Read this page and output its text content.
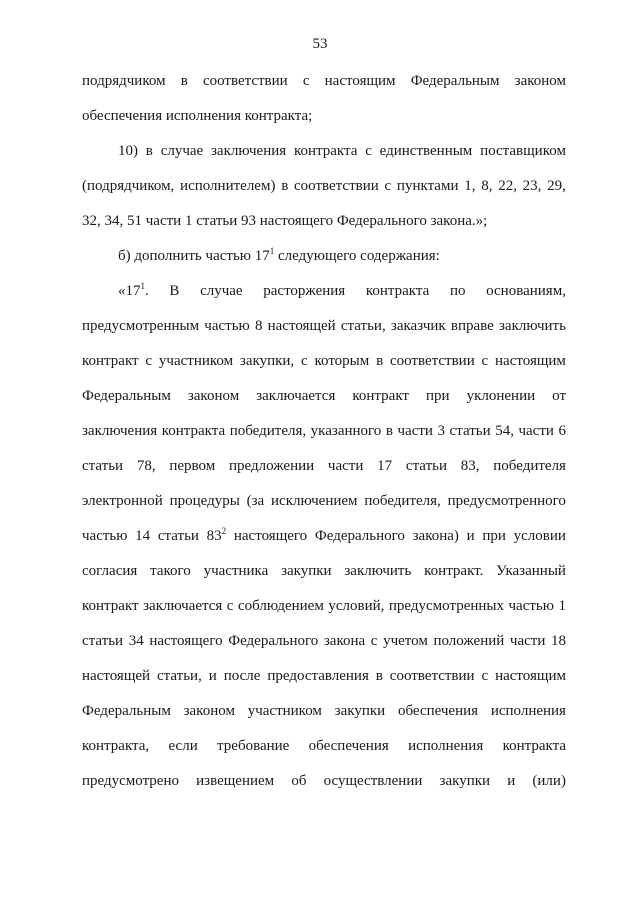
53
подрядчиком в соответствии с настоящим Федеральным законом
обеспечения исполнения контракта;
10) в случае заключения контракта с единственным поставщиком
(подрядчиком, исполнителем) в соответствии с пунктами 1, 8, 22, 23, 29,
32, 34, 51 части 1 статьи 93 настоящего Федерального закона.»;
б) дополнить частью $17^1$ следующего содержания:
«$17^1$. В случае расторжения контракта по основаниям,
предусмотренным частью 8 настоящей статьи, заказчик вправе заключить
контракт с участником закупки, с которым в соответствии с настоящим
Федеральным законом заключается контракт при уклонении от
заключения контракта победителя, указанного в части 3 статьи 54, части 6
статьи 78, первом предложении части 17 статьи 83, победителя
электронной процедуры (за исключением победителя, предусмотренного
частью 14 статьи $83^2$ настоящего Федерального закона) и при условии
согласия такого участника закупки заключить контракт. Указанный
контракт заключается с соблюдением условий, предусмотренных частью 1
статьи 34 настоящего Федерального закона с учетом положений части 18
настоящей статьи, и после предоставления в соответствии с настоящим
Федеральным законом участником закупки обеспечения исполнения
контракта, если требование обеспечения исполнения контракта
предусмотрено извещением об осуществлении закупки и (или)
